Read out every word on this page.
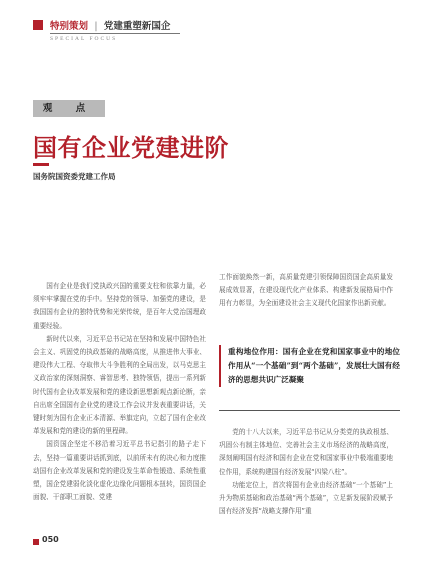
特别策划 | 党建重塑新国企
SPECIAL FOCUS
观 点
国有企业党建进阶
国务院国资委党建工作局

国有企业是我们党执政兴国的重要支柱和依靠力量，必须牢牢掌握在党的手中。坚持党的领导、加强党的建设，是我国国有企业的独特优势和光荣传统，是百年大党治国理政重要经验。

新时代以来，习近平总书记站在坚持和发展中国特色社会主义、巩固党的执政基础的战略高度，从推进伟大事业、建设伟大工程、夺取伟大斗争胜利的全局出发，以马克思主义政治家的深刻洞察、睿智思考、独特领悟，提出一系列新时代国有企业改革发展和党的建设新思想新观点新论断，亲自出席全国国有企业党的建设工作会议并发表重要讲话，关键时刻为国有企业正本清源、举旗定向，立起了国有企业改革发展和党的建设的新的里程碑。

国资国企坚定不移沿着习近平总书记指引的路子走下去，坚持一篇重要讲话抓到底，以前所未有的决心和力度推动国有企业改革发展和党的建设发生革命性锻造、系统性重塑，国企党建弱化淡化虚化边缘化问题根本扭转，国资国企面貌、干部职工面貌、党建

工作面貌焕然一新，高质量党建引领保障国资国企高质量发展成效显著，在建设现代化产业体系、构建新发展格局中作用有力彰显，为全面建设社会主义现代化国家作出新贡献。

重构地位作用：国有企业在党和国家事业中的地位作用从“一个基础”到“两个基础”，发展壮大国有经济的思想共识广泛凝聚

党的十八大以来，习近平总书记从分类党的执政根基、巩固公有制主体地位、完善社会主义市场经济的战略高度，深刻阐明国有经济和国有企业在党和国家事业中极端重要地位作用，系统构建国有经济发展“四梁八柱”。

功能定位上，首次将国有企业由经济基础“一个基础”上升为物质基础和政治基础“两个基础”，立足新发展阶段赋予国有经济发挥“战略支撑作用”重

050
